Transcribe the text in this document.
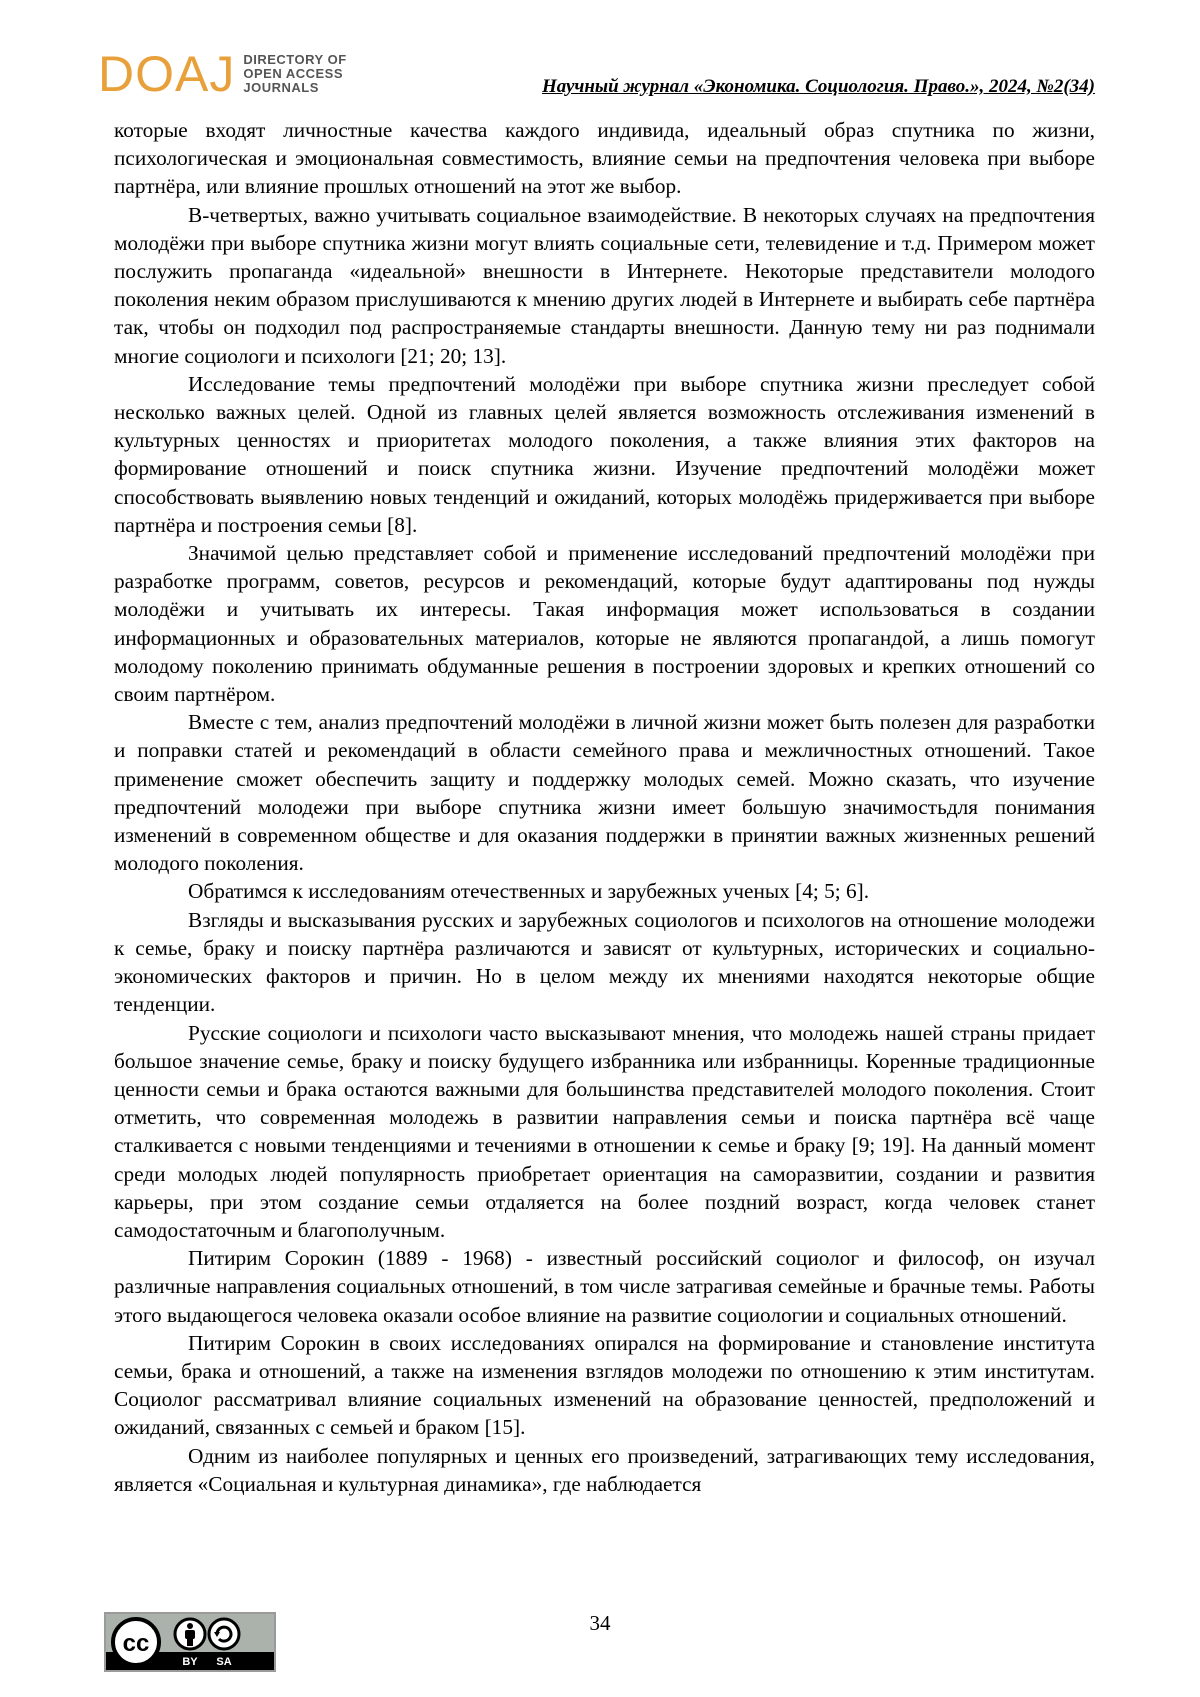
DOAJ DIRECTORY OF
OPEN ACCESS
JOURNALS	Научный журнал «Экономика. Социология. Право.», 2024, №2(34)

которые входят личностные качества каждого индивида, идеальный образ спутника по жизни, психологическая и эмоциональная совместимость, влияние семьи на предпочтения человека при выборе партнёра, или влияние прошлых отношений на этот же выбор.

В-четвертых, важно учитывать социальное взаимодействие. В некоторых случаях на предпочтения молодёжи при выборе спутника жизни могут влиять социальные сети, телевидение и т.д. Примером может послужить пропаганда «идеальной» внешности в Интернете. Некоторые представители молодого поколения неким образом прислушиваются к мнению других людей в Интернете и выбирать себе партнёра так, чтобы он подходил под распространяемые стандарты внешности. Данную тему ни раз поднимали многие социологи и психологи [21; 20; 13].

Исследование темы предпочтений молодёжи при выборе спутника жизни преследует собой несколько важных целей. Одной из главных целей является возможность отслеживания изменений в культурных ценностях и приоритетах молодого поколения, а также влияния этих факторов на формирование отношений и поиск спутника жизни. Изучение предпочтений молодёжи может способствовать выявлению новых тенденций и ожиданий, которых молодёжь придерживается при выборе партнёра и построения семьи [8].

Значимой целью представляет собой и применение исследований предпочтений молодёжи при разработке программ, советов, ресурсов и рекомендаций, которые будут адаптированы под нужды молодёжи и учитывать их интересы. Такая информация может использоваться в создании информационных и образовательных материалов, которые не являются пропагандой, а лишь помогут молодому поколению принимать обдуманные решения в построении здоровых и крепких отношений со своим партнёром.

Вместе с тем, анализ предпочтений молодёжи в личной жизни может быть полезен для разработки и поправки статей и рекомендаций в области семейного права и межличностных отношений. Такое применение сможет обеспечить защиту и поддержку молодых семей. Можно сказать, что изучение предпочтений молодежи при выборе спутника жизни имеет большую значимостьдля понимания изменений в современном обществе и для оказания поддержки в принятии важных жизненных решений молодого поколения.

Обратимся к исследованиям отечественных и зарубежных ученых [4; 5; 6].

Взгляды и высказывания русских и зарубежных социологов и психологов на отношение молодежи к семье, браку и поиску партнёра различаются и зависят от культурных, исторических и социально-экономических факторов и причин. Но в целом между их мнениями находятся некоторые общие тенденции.

Русские социологи и психологи часто высказывают мнения, что молодежь нашей страны придает большое значение семье, браку и поиску будущего избранника или избранницы. Коренные традиционные ценности семьи и брака остаются важными для большинства представителей молодого поколения. Стоит отметить, что современная молодежь в развитии направления семьи и поиска партнёра всё чаще сталкивается с новыми тенденциями и течениями в отношении к семье и браку [9; 19]. На данный момент среди молодых людей популярность приобретает ориентация на саморазвитии, создании и развития карьеры, при этом создание семьи отдаляется на более поздний возраст, когда человек станет самодостаточным и благополучным.

Питирим Сорокин (1889 - 1968) - известный российский социолог и философ, он изучал различные направления социальных отношений, в том числе затрагивая семейные и брачные темы. Работы этого выдающегося человека оказали особое влияние на развитие социологии и социальных отношений.

Питирим Сорокин в своих исследованиях опирался на формирование и становление института семьи, брака и отношений, а также на изменения взглядов молодежи по отношению к этим институтам. Социолог рассматривал влияние социальных изменений на образование ценностей, предположений и ожиданий, связанных с семьей и браком [15].

Одним из наиболее популярных и ценных его произведений, затрагивающих тему исследования, является «Социальная и культурная динамика», где наблюдается

cc
BY SA
34
